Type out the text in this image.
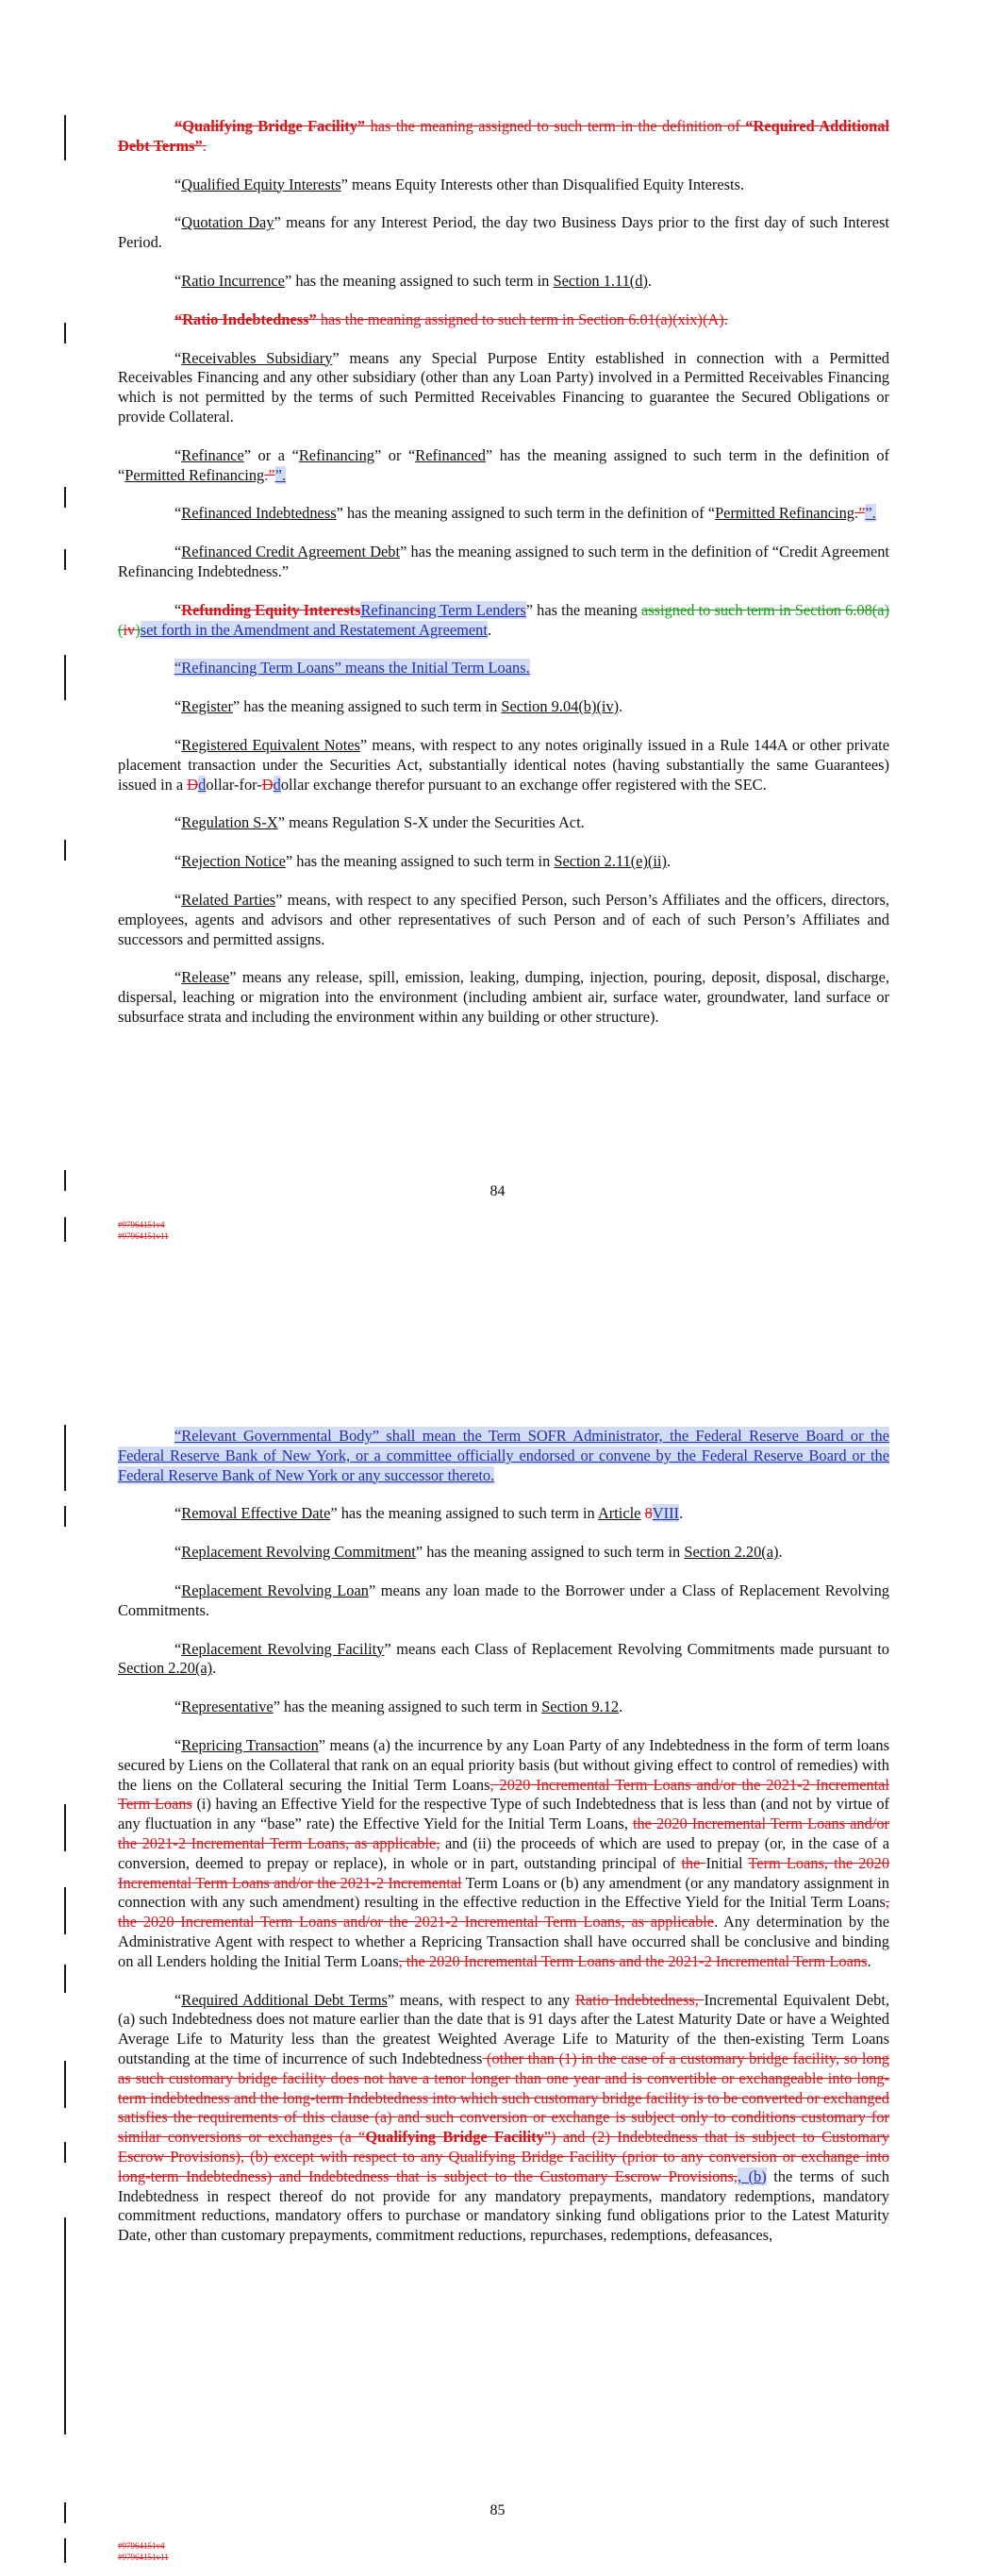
“Qualifying Bridge Facility” has the meaning assigned to such term in the definition of “Required Additional Debt Terms”.

“Qualified Equity Interests” means Equity Interests other than Disqualified Equity Interests.

“Quotation Day” means for any Interest Period, the day two Business Days prior to the first day of such Interest Period.

“Ratio Incurrence” has the meaning assigned to such term in Section 1.11(d).

“Ratio Indebtedness” has the meaning assigned to such term in Section 6.01(a)(xix)(A).

“Receivables Subsidiary” means any Special Purpose Entity established in connection with a Permitted Receivables Financing and any other subsidiary (other than any Loan Party) involved in a Permitted Receivables Financing which is not permitted by the terms of such Permitted Receivables Financing to guarantee the Secured Obligations or provide Collateral.

“Refinance” or a “Refinancing” or “Refinanced” has the meaning assigned to such term in the definition of “Permitted Refinancing.””.

“Refinanced Indebtedness” has the meaning assigned to such term in the definition of “Permitted Refinancing.””.

“Refinanced Credit Agreement Debt” has the meaning assigned to such term in the definition of “Credit Agreement Refinancing Indebtedness.”

“Refunding Equity InterestsRefinancing Term Lenders” has the meaning assigned to such term in Section 6.08(a)(iv)set forth in the Amendment and Restatement Agreement.

“Refinancing Term Loans” means the Initial Term Loans.

“Register” has the meaning assigned to such term in Section 9.04(b)(iv).

“Registered Equivalent Notes” means, with respect to any notes originally issued in a Rule 144A or other private placement transaction under the Securities Act, substantially identical notes (having substantially the same Guarantees) issued in a Ddollar-for-Ddollar exchange therefor pursuant to an exchange offer registered with the SEC.

“Regulation S-X” means Regulation S-X under the Securities Act.

“Rejection Notice” has the meaning assigned to such term in Section 2.11(e)(ii).

“Related Parties” means, with respect to any specified Person, such Person’s Affiliates and the officers, directors, employees, agents and advisors and other representatives of such Person and of each of such Person’s Affiliates and successors and permitted assigns.

“Release” means any release, spill, emission, leaking, dumping, injection, pouring, deposit, disposal, discharge, dispersal, leaching or migration into the environment (including ambient air, surface water, groundwater, land surface or subsurface strata and including the environment within any building or other structure).

84
#97964151v4
#97964151v11

“Relevant Governmental Body” shall mean the Term SOFR Administrator, the Federal Reserve Board or the Federal Reserve Bank of New York, or a committee officially endorsed or convene by the Federal Reserve Board or the Federal Reserve Bank of New York or any successor thereto.

“Removal Effective Date” has the meaning assigned to such term in Article 8VIII.

“Replacement Revolving Commitment” has the meaning assigned to such term in Section 2.20(a).

“Replacement Revolving Loan” means any loan made to the Borrower under a Class of Replacement Revolving Commitments.

“Replacement Revolving Facility” means each Class of Replacement Revolving Commitments made pursuant to Section 2.20(a).

“Representative” has the meaning assigned to such term in Section 9.12.

“Repricing Transaction” means (a) the incurrence by any Loan Party of any Indebtedness in the form of term loans secured by Liens on the Collateral that rank on an equal priority basis (but without giving effect to control of remedies) with the liens on the Collateral securing the Initial Term Loans, 2020 Incremental Term Loans and/or the 2021-2 Incremental Term Loans (i) having an Effective Yield for the respective Type of such Indebtedness that is less than (and not by virtue of any fluctuation in any “base” rate) the Effective Yield for the Initial Term Loans, the 2020 Incremental Term Loans and/or the 2021-2 Incremental Term Loans, as applicable, and (ii) the proceeds of which are used to prepay (or, in the case of a conversion, deemed to prepay or replace), in whole or in part, outstanding principal of the Initial Term Loans, the 2020 Incremental Term Loans and/or the 2021-2 Incremental Term Loans or (b) any amendment (or any mandatory assignment in connection with any such amendment) resulting in the effective reduction in the Effective Yield for the Initial Term Loans, the 2020 Incremental Term Loans and/or the 2021-2 Incremental Term Loans, as applicable. Any determination by the Administrative Agent with respect to whether a Repricing Transaction shall have occurred shall be conclusive and binding on all Lenders holding the Initial Term Loans, the 2020 Incremental Term Loans and the 2021-2 Incremental Term Loans.

“Required Additional Debt Terms” means, with respect to any Ratio Indebtedness, Incremental Equivalent Debt, (a) such Indebtedness does not mature earlier than the date that is 91 days after the Latest Maturity Date or have a Weighted Average Life to Maturity less than the greatest Weighted Average Life to Maturity of the then-existing Term Loans outstanding at the time of incurrence of such Indebtedness (other than (1) in the case of a customary bridge facility, so long as such customary bridge facility does not have a tenor longer than one year and is convertible or exchangeable into long-term indebtedness and the long-term Indebtedness into which such customary bridge facility is to be converted or exchanged satisfies the requirements of this clause (a) and such conversion or exchange is subject only to conditions customary for similar conversions or exchanges (a “Qualifying Bridge Facility”) and (2) Indebtedness that is subject to Customary Escrow Provisions), (b) except with respect to any Qualifying Bridge Facility (prior to any conversion or exchange into long-term Indebtedness) and Indebtedness that is subject to the Customary Escrow Provisions,, (b) the terms of such Indebtedness in respect thereof do not provide for any mandatory prepayments, mandatory redemptions, mandatory commitment reductions, mandatory offers to purchase or mandatory sinking fund obligations prior to the Latest Maturity Date, other than customary prepayments, commitment reductions, repurchases, redemptions, defeasances,

85
#97964151v4
#97964151v11
